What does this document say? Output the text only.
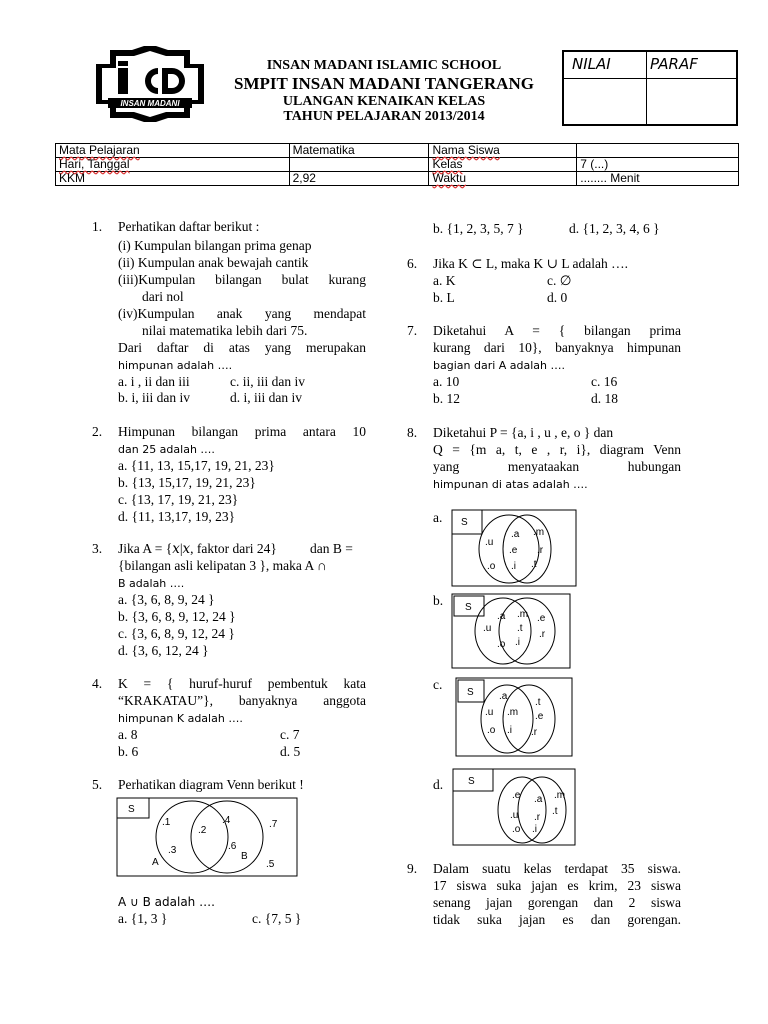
INSAN MADANI
INSAN MADANI ISLAMIC SCHOOL
SMPIT INSAN MADANI TANGERANG
ULANGAN KENAIKAN KELAS
TAHUN PELAJARAN 2013/2014
NILAI	PARAF
Mata Pelajaran	Matematika	Nama Siswa	
Hari, Tanggal		Kelas	7 (...)
KKM	2,92	Waktu	........ Menit
1. Perhatikan daftar berikut :
(i) Kumpulan bilangan prima genap
(ii) Kumpulan anak bewajah cantik
(iii)Kumpulan bilangan bulat kurang
dari nol
(iv)Kumpulan anak yang mendapat
nilai matematika lebih dari 75.
Dari daftar di atas yang merupakan
himpunan adalah ….
a. i , ii dan iii	c. ii, iii dan iv
b. i, iii dan iv	d. i, iii dan iv
2. Himpunan bilangan prima antara 10
dan 25 adalah ….
a. {11, 13, 15,17, 19, 21, 23}
b. {13, 15,17, 19, 21, 23}
c. {13, 17, 19, 21, 23}
d. {11, 13,17, 19, 23}
3. Jika A = {𝑥|𝑥, faktor dari 24} dan B =
{bilangan asli kelipatan 3 }, maka A ∩
B adalah ….
a. {3, 6, 8, 9, 24 }
b. {3, 6, 8, 9, 12, 24 }
c. {3, 6, 8, 9, 12, 24 }
d. {3, 6, 12, 24 }
4. K = { huruf-huruf pembentuk kata
“KRAKATAU”}, banyaknya anggota
himpunan K adalah ….
a. 8	c. 7
b. 6	d. 5
5. Perhatikan diagram Venn berikut !
S
.1
.2
.3
.4
.6
.7
.5
A
B
A ∪ B adalah ….
a. {1, 3 }	c. {7, 5 }
b. {1, 2, 3, 5, 7 }	d. {1, 2, 3, 4, 6 }
6. Jika K ⊂ L, maka K ∪ L adalah ….
a. K	c. ∅
b. L	d. 0
7. Diketahui A = { bilangan prima
kurang dari 10}, banyaknya himpunan
bagian dari A adalah ….
a. 10	c. 16
b. 12	d. 18
8. Diketahui P = {a, i , u , e, o } dan
Q = {m a, t, e , r, i}, diagram Venn
yang menyataakan hubungan
himpunan di atas adalah ….
a. S
.u
.a
.e
.m
.o .i
.r
.t
b. S
.a .m
.u
.e
.r
.o .i
.t
c.
S	.a
.u .m
.t
.e
.i
.o	.r
d. S
.m
.e .a
.t
.u .r
.i
.o
9. Dalam suatu kelas terdapat 35 siswa.
17 siswa suka jajan es krim, 23 siswa
senang jajan gorengan dan 2 siswa
tidak suka jajan es dan gorengan.
